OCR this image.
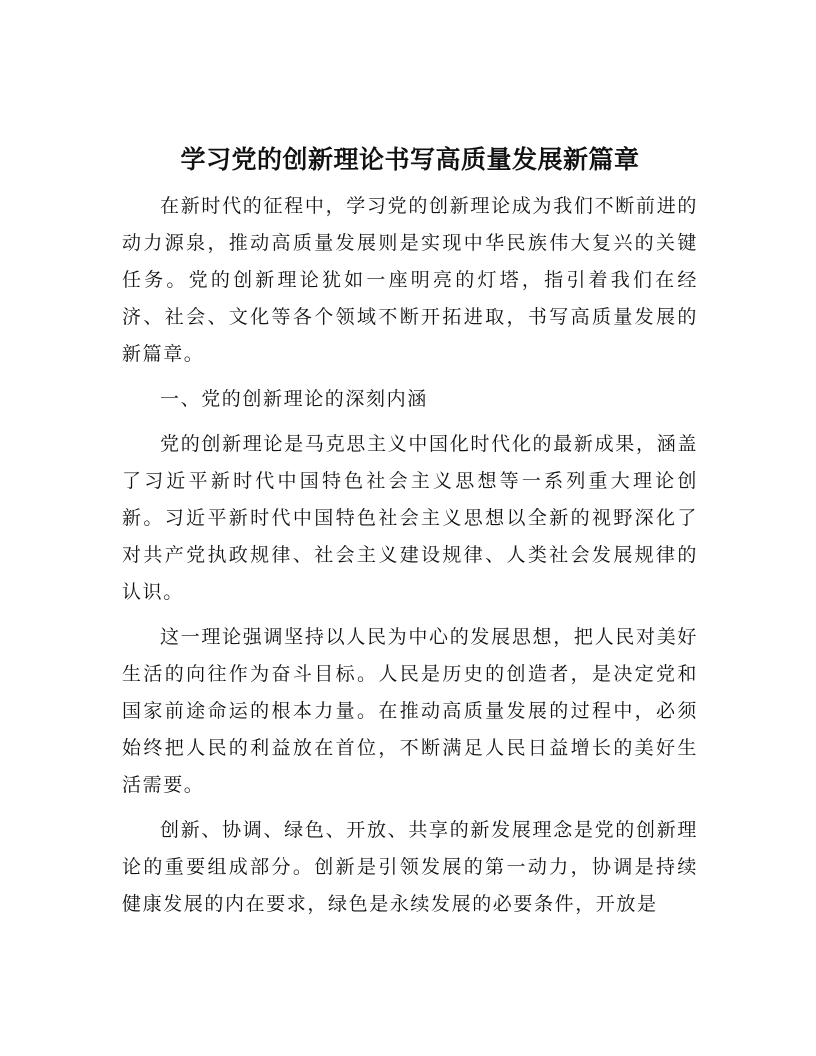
学习党的创新理论书写高质量发展新篇章

在新时代的征程中，学习党的创新理论成为我们不断前进的动力源泉，推动高质量发展则是实现中华民族伟大复兴的关键任务。党的创新理论犹如一座明亮的灯塔，指引着我们在经济、社会、文化等各个领域不断开拓进取，书写高质量发展的新篇章。

一、党的创新理论的深刻内涵

党的创新理论是马克思主义中国化时代化的最新成果，涵盖了习近平新时代中国特色社会主义思想等一系列重大理论创新。习近平新时代中国特色社会主义思想以全新的视野深化了对共产党执政规律、社会主义建设规律、人类社会发展规律的认识。

这一理论强调坚持以人民为中心的发展思想，把人民对美好生活的向往作为奋斗目标。人民是历史的创造者，是决定党和国家前途命运的根本力量。在推动高质量发展的过程中，必须始终把人民的利益放在首位，不断满足人民日益增长的美好生活需要。

创新、协调、绿色、开放、共享的新发展理念是党的创新理论的重要组成部分。创新是引领发展的第一动力，协调是持续健康发展的内在要求，绿色是永续发展的必要条件，开放是
